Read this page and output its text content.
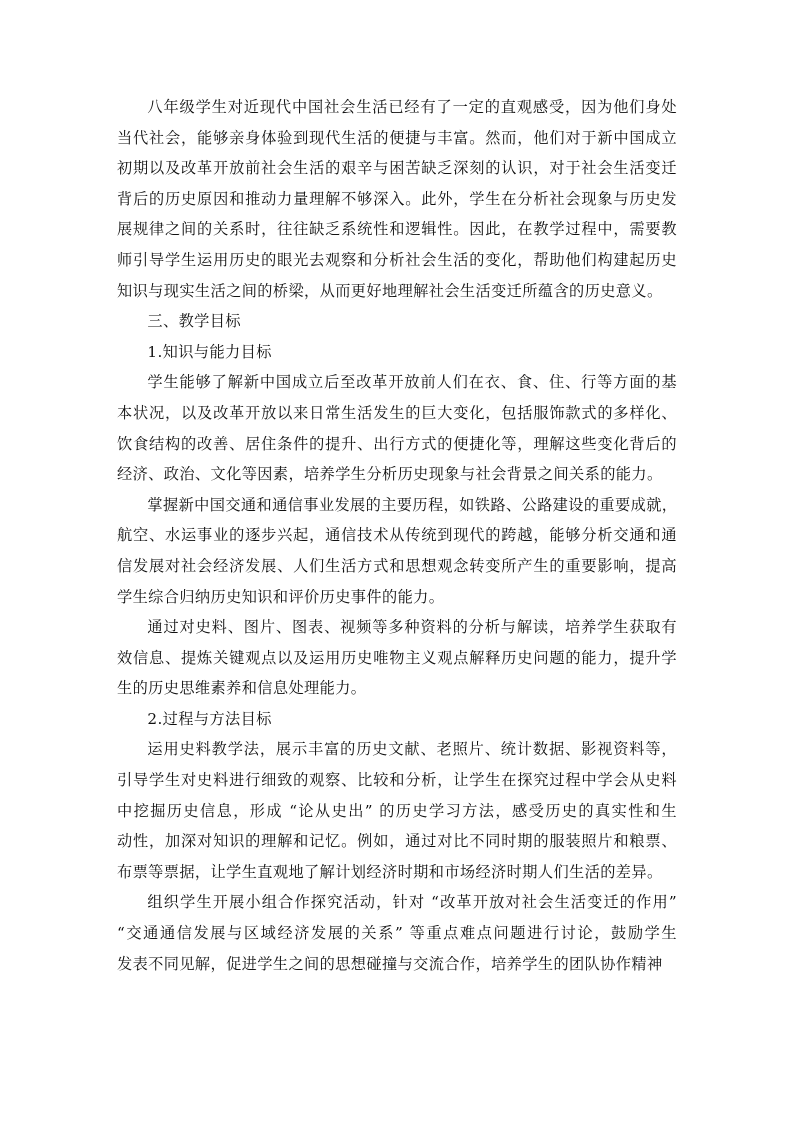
八年级学生对近现代中国社会生活已经有了一定的直观感受，因为他们身处
当代社会，能够亲身体验到现代生活的便捷与丰富。然而，他们对于新中国成立
初期以及改革开放前社会生活的艰辛与困苦缺乏深刻的认识，对于社会生活变迁
背后的历史原因和推动力量理解不够深入。此外，学生在分析社会现象与历史发
展规律之间的关系时，往往缺乏系统性和逻辑性。因此，在教学过程中，需要教
师引导学生运用历史的眼光去观察和分析社会生活的变化，帮助他们构建起历史
知识与现实生活之间的桥梁，从而更好地理解社会生活变迁所蕴含的历史意义。

三、教学目标

1.知识与能力目标

学生能够了解新中国成立后至改革开放前人们在衣、食、住、行等方面的基
本状况，以及改革开放以来日常生活发生的巨大变化，包括服饰款式的多样化、
饮食结构的改善、居住条件的提升、出行方式的便捷化等，理解这些变化背后的
经济、政治、文化等因素，培养学生分析历史现象与社会背景之间关系的能力。

掌握新中国交通和通信事业发展的主要历程，如铁路、公路建设的重要成就，
航空、水运事业的逐步兴起，通信技术从传统到现代的跨越，能够分析交通和通
信发展对社会经济发展、人们生活方式和思想观念转变所产生的重要影响，提高
学生综合归纳历史知识和评价历史事件的能力。

通过对史料、图片、图表、视频等多种资料的分析与解读，培养学生获取有
效信息、提炼关键观点以及运用历史唯物主义观点解释历史问题的能力，提升学
生的历史思维素养和信息处理能力。

2.过程与方法目标

运用史料教学法，展示丰富的历史文献、老照片、统计数据、影视资料等，
引导学生对史料进行细致的观察、比较和分析，让学生在探究过程中学会从史料
中挖掘历史信息，形成 “论从史出” 的历史学习方法，感受历史的真实性和生
动性，加深对知识的理解和记忆。例如，通过对比不同时期的服装照片和粮票、
布票等票据，让学生直观地了解计划经济时期和市场经济时期人们生活的差异。

组织学生开展小组合作探究活动，针对 “改革开放对社会生活变迁的作用”
“交通通信发展与区域经济发展的关系” 等重点难点问题进行讨论，鼓励学生
发表不同见解，促进学生之间的思想碰撞与交流合作，培养学生的团队协作精神
